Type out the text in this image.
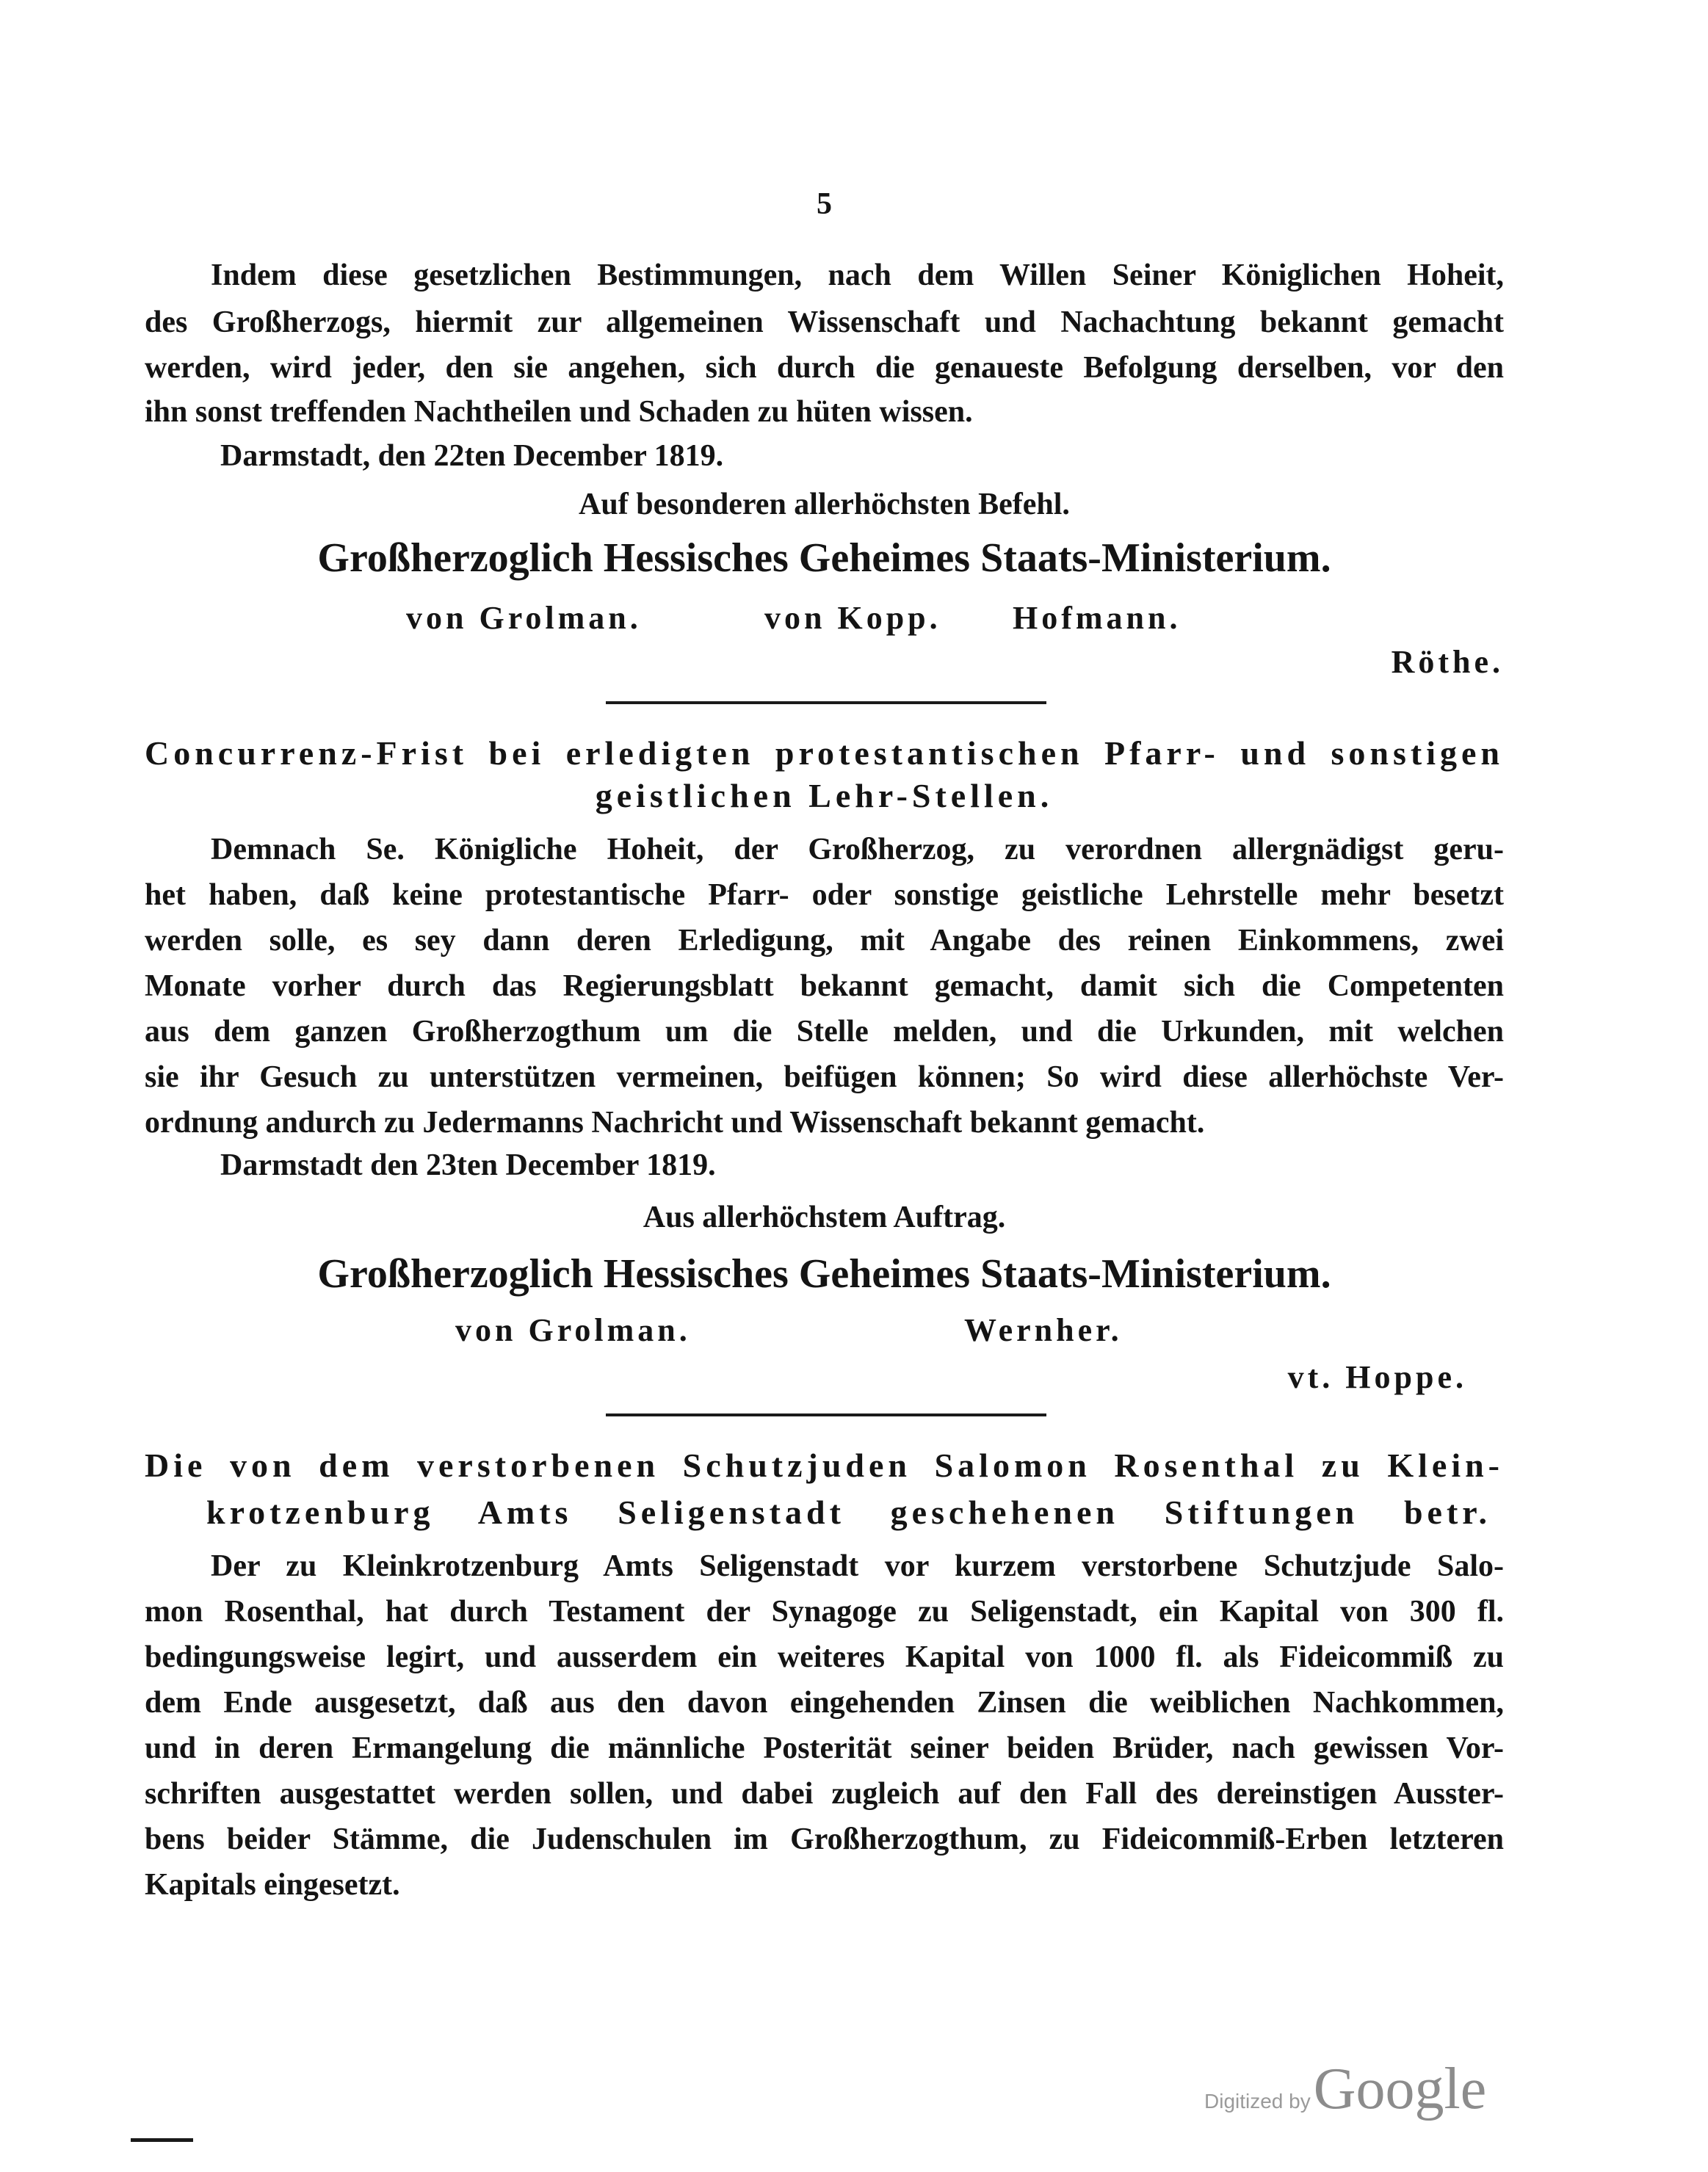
5
Indem diese gesetzlichen Bestimmungen, nach dem Willen Seiner Königlichen Hoheit,
des Großherzogs, hiermit zur allgemeinen Wissenschaft und Nachachtung bekannt gemacht
werden, wird jeder, den sie angehen, sich durch die genaueste Befolgung derselben, vor den
ihn sonst treffenden Nachtheilen und Schaden zu hüten wissen.
Darmstadt, den 22ten December 1819.
Auf besonderen allerhöchsten Befehl.
Großherzoglich Hessisches Geheimes Staats-Ministerium.
von Grolman.	von Kopp. Hofmann.
Röthe.
Concurrenz-Frist bei erledigten protestantischen Pfarr- und sonstigen
geistlichen Lehr-Stellen.
Demnach Se. Königliche Hoheit, der Großherzog, zu verordnen allergnädigst geru-
het haben, daß keine protestantische Pfarr- oder sonstige geistliche Lehrstelle mehr besetzt
werden solle, es sey dann deren Erledigung, mit Angabe des reinen Einkommens, zwei
Monate vorher durch das Regierungsblatt bekannt gemacht, damit sich die Competenten
aus dem ganzen Großherzogthum um die Stelle melden, und die Urkunden, mit welchen
sie ihr Gesuch zu unterstützen vermeinen, beifügen können; So wird diese allerhöchste Ver-
ordnung andurch zu Jedermanns Nachricht und Wissenschaft bekannt gemacht.
Darmstadt den 23ten December 1819.
Aus allerhöchstem Auftrag.
Großherzoglich Hessisches Geheimes Staats-Ministerium.
von Grolman.	Wernher.
vt. Hoppe.
Die von dem verstorbenen Schutzjuden Salomon Rosenthal zu Klein-
krotzenburg Amts Seligenstadt geschehenen Stiftungen betr.
Der zu Kleinkrotzenburg Amts Seligenstadt vor kurzem verstorbene Schutzjude Salo-
mon Rosenthal, hat durch Testament der Synagoge zu Seligenstadt, ein Kapital von 300 fl.
bedingungsweise legirt, und ausserdem ein weiteres Kapital von 1000 fl. als Fideicommiß zu
dem Ende ausgesetzt, daß aus den davon eingehenden Zinsen die weiblichen Nachkommen,
und in deren Ermangelung die männliche Posterität seiner beiden Brüder, nach gewissen Vor-
schriften ausgestattet werden sollen, und dabei zugleich auf den Fall des dereinstigen Ausster-
bens beider Stämme, die Judenschulen im Großherzogthum, zu Fideicommiß-Erben letzteren
Kapitals eingesetzt.
Digitized by Google
